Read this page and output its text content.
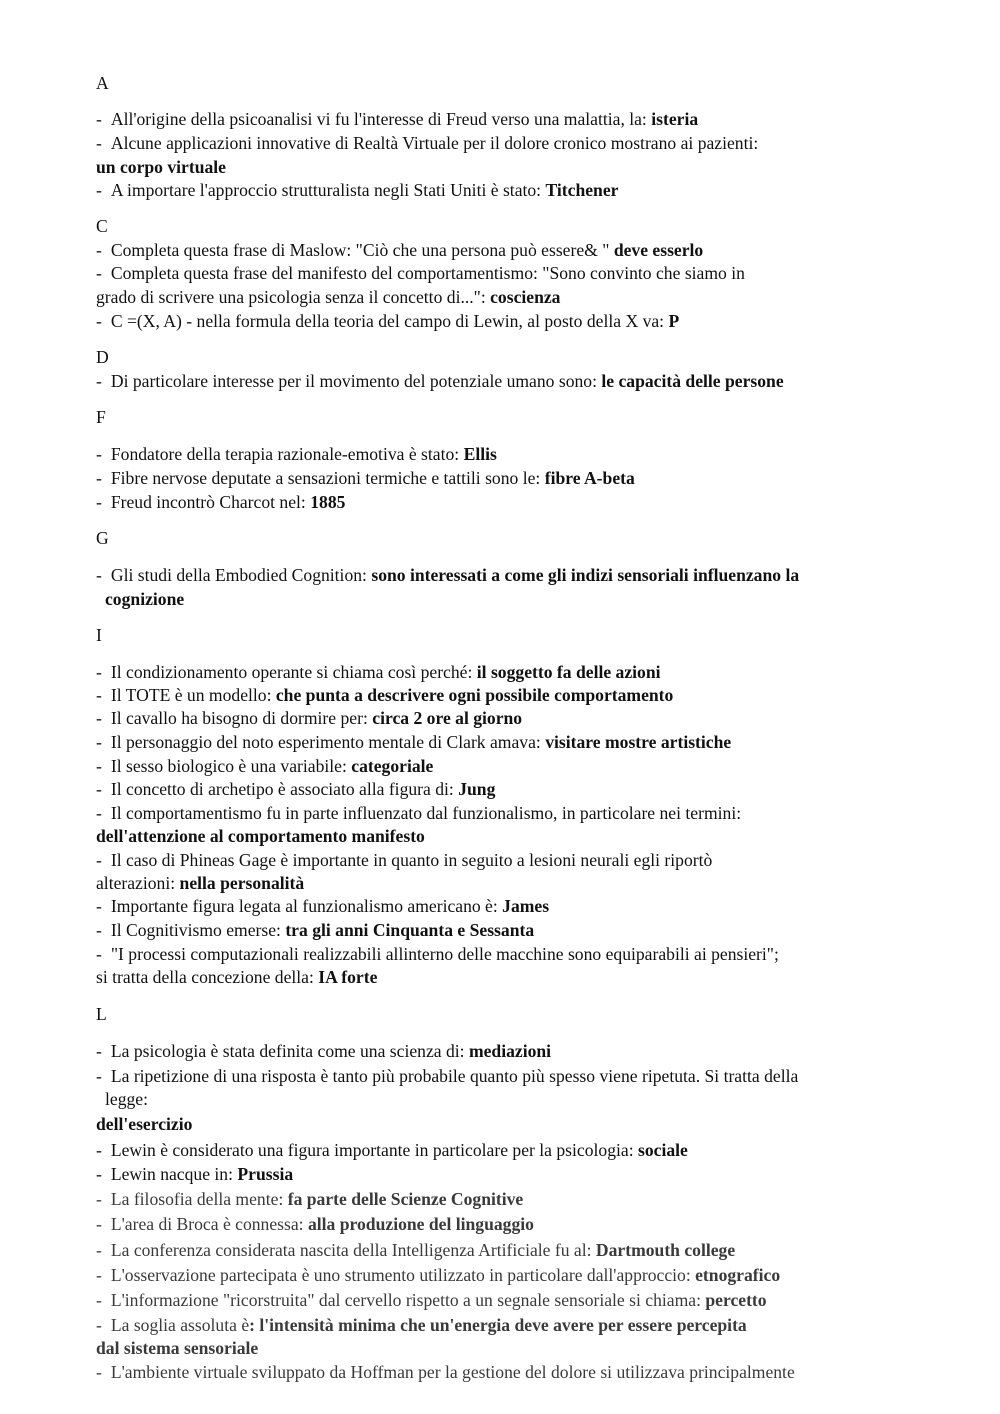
A
- All'origine della psicoanalisi vi fu l'interesse di Freud verso una malattia, la: isteria
- Alcune applicazioni innovative di Realtà Virtuale per il dolore cronico mostrano ai pazienti:
un corpo virtuale
- A importare l'approccio strutturalista negli Stati Uniti è stato: Titchener
C
- Completa questa frase di Maslow: "Ciò che una persona può essere& " deve esserlo
- Completa questa frase del manifesto del comportamentismo: "Sono convinto che siamo in
grado di scrivere una psicologia senza il concetto di...": coscienza
- C =(X, A) - nella formula della teoria del campo di Lewin, al posto della X va: P
D
- Di particolare interesse per il movimento del potenziale umano sono: le capacità delle persone
F
- Fondatore della terapia razionale-emotiva è stato: Ellis
- Fibre nervose deputate a sensazioni termiche e tattili sono le: fibre A-beta
- Freud incontrò Charcot nel: 1885
G
- Gli studi della Embodied Cognition: sono interessati a come gli indizi sensoriali influenzano la
cognizione
I
- Il condizionamento operante si chiama così perché: il soggetto fa delle azioni
- Il TOTE è un modello: che punta a descrivere ogni possibile comportamento
- Il cavallo ha bisogno di dormire per: circa 2 ore al giorno
- Il personaggio del noto esperimento mentale di Clark amava: visitare mostre artistiche
- Il sesso biologico è una variabile: categoriale
- Il concetto di archetipo è associato alla figura di: Jung
- Il comportamentismo fu in parte influenzato dal funzionalismo, in particolare nei termini:
dell'attenzione al comportamento manifesto
- Il caso di Phineas Gage è importante in quanto in seguito a lesioni neurali egli riportò
alterazioni: nella personalità
- Importante figura legata al funzionalismo americano è: James
- Il Cognitivismo emerse: tra gli anni Cinquanta e Sessanta
- "I processi computazionali realizzabili allinterno delle macchine sono equiparabili ai pensieri";
si tratta della concezione della: IA forte
L
- La psicologia è stata definita come una scienza di: mediazioni
- La ripetizione di una risposta è tanto più probabile quanto più spesso viene ripetuta. Si tratta della
legge:
dell'esercizio
- Lewin è considerato una figura importante in particolare per la psicologia: sociale
- Lewin nacque in: Prussia
- La filosofia della mente: fa parte delle Scienze Cognitive
- L'area di Broca è connessa: alla produzione del linguaggio
- La conferenza considerata nascita della Intelligenza Artificiale fu al: Dartmouth college
- L'osservazione partecipata è uno strumento utilizzato in particolare dall'approccio: etnografico
- L'informazione "ricorstruita" dal cervello rispetto a un segnale sensoriale si chiama: percetto
- La soglia assoluta è: l'intensità minima che un'energia deve avere per essere percepita
dal sistema sensoriale
- L'ambiente virtuale sviluppato da Hoffman per la gestione del dolore si utilizzava principalmente
